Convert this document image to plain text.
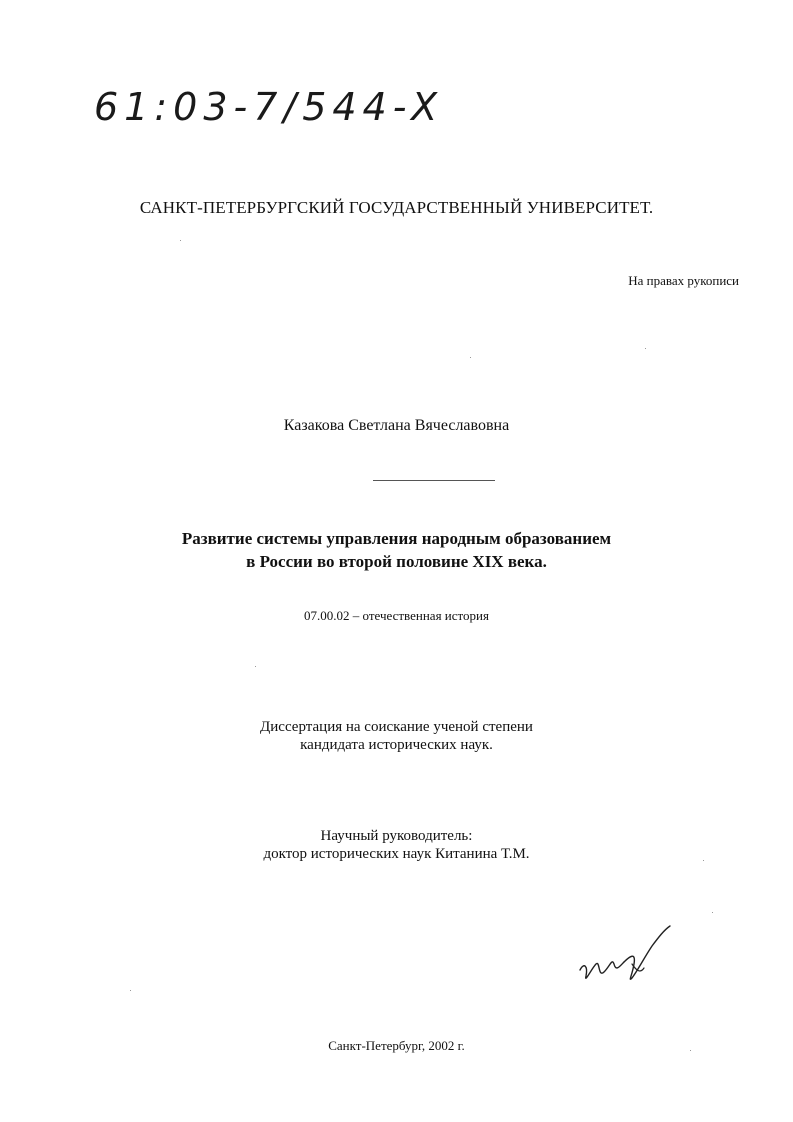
61:03-7/544-X
САНКТ-ПЕТЕРБУРГСКИЙ ГОСУДАРСТВЕННЫЙ УНИВЕРСИТЕТ.
На правах рукописи
Казакова Светлана Вячеславовна
Развитие системы управления народным образованием
в России во второй половине XIX века.
07.00.02 – отечественная история
Диссертация на соискание ученой степени
кандидата исторических наук.
Научный руководитель:
доктор исторических наук Китанина Т.М.
Санкт-Петербург, 2002 г.
